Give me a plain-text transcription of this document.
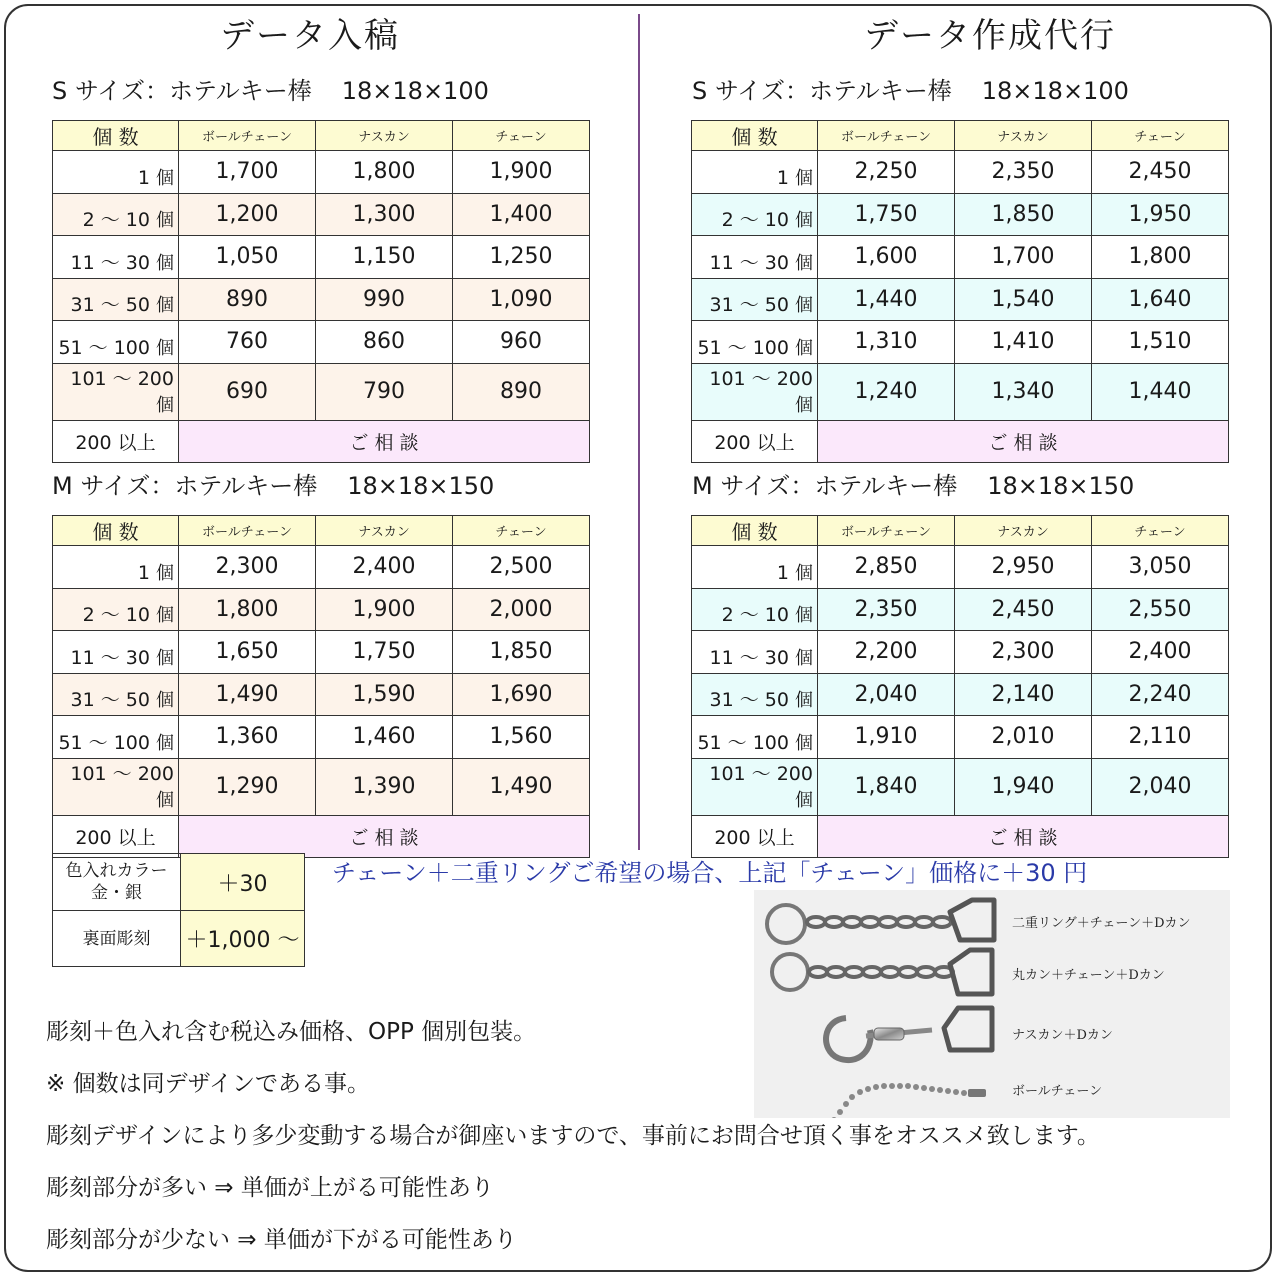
データ入稿	データ作成代行
S サイズ：ホテルキー棒 18×18×100
M サイズ：ホテルキー棒 18×18×150
S サイズ：ホテルキー棒 18×18×100
M サイズ：ホテルキー棒 18×18×150
個 数	ボールチェーン	ナスカン	チェーン
1 個	1,700	1,800	1,900
2 ～ 10 個	1,200	1,300	1,400
11 ～ 30 個	1,050	1,150	1,250
31 ～ 50 個	890	990	1,090
51 ～ 100 個	760	860	960
101 ～ 200 個	690	790	890
200 以上	ご 相 談		
個 数	ボールチェーン	ナスカン	チェーン
1 個	2,300	2,400	2,500
2 ～ 10 個	1,800	1,900	2,000
11 ～ 30 個	1,650	1,750	1,850
31 ～ 50 個	1,490	1,590	1,690
51 ～ 100 個	1,360	1,460	1,560
101 ～ 200 個	1,290	1,390	1,490
200 以上	ご 相 談		
個 数	ボールチェーン	ナスカン	チェーン
1 個	2,250	2,350	2,450
2 ～ 10 個	1,750	1,850	1,950
11 ～ 30 個	1,600	1,700	1,800
31 ～ 50 個	1,440	1,540	1,640
51 ～ 100 個	1,310	1,410	1,510
101 ～ 200 個	1,240	1,340	1,440
200 以上	ご 相 談		
個 数	ボールチェーン	ナスカン	チェーン
1 個	2,850	2,950	3,050
2 ～ 10 個	2,350	2,450	2,550
11 ～ 30 個	2,200	2,300	2,400
31 ～ 50 個	2,040	2,140	2,240
51 ～ 100 個	1,910	2,010	2,110
101 ～ 200 個	1,840	1,940	2,040
200 以上	ご 相 談		
色入れカラー
金・銀	＋30
裏面彫刻	＋1,000 ～
チェーン＋二重リングご希望の場合、上記「チェーン」価格に＋30 円
二重リング＋チェーン＋Dカン
丸カン＋チェーン＋Dカン
ナスカン＋Dカン
ボールチェーン
彫刻＋色入れ含む税込み価格、OPP 個別包装。
※ 個数は同デザインである事。
彫刻デザインにより多少変動する場合が御座いますので、事前にお問合せ頂く事をオススメ致します。
彫刻部分が多い ⇒ 単価が上がる可能性あり
彫刻部分が少ない ⇒ 単価が下がる可能性あり
